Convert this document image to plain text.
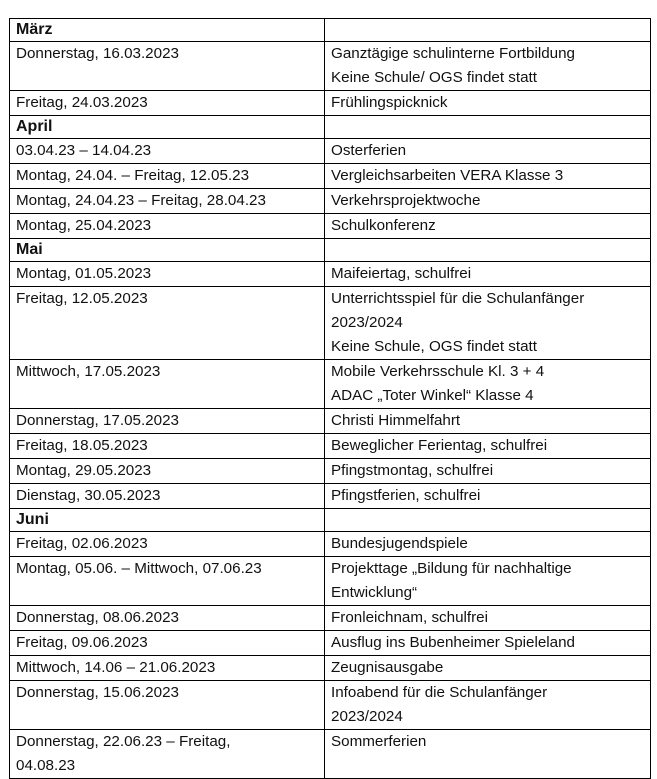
März	
Donnerstag, 16.03.2023	Ganztägige schulinterne Fortbildung
Keine Schule/ OGS findet statt

Freitag, 24.03.2023	Frühlingspicknick

April	
03.04.23 – 14.04.23	Osterferien

Montag, 24.04. – Freitag, 12.05.23	Vergleichsarbeiten VERA Klasse 3

Montag, 24.04.23 – Freitag, 28.04.23	Verkehrsprojektwoche

Montag, 25.04.2023	Schulkonferenz

Mai	
Montag, 01.05.2023	Maifeiertag, schulfrei

Freitag, 12.05.2023	Unterrichtsspiel für die Schulanfänger
2023/2024
Keine Schule, OGS findet statt

Mittwoch, 17.05.2023	Mobile Verkehrsschule Kl. 3 + 4
ADAC „Toter Winkel“ Klasse 4

Donnerstag, 17.05.2023	Christi Himmelfahrt

Freitag, 18.05.2023	Beweglicher Ferientag, schulfrei

Montag, 29.05.2023	Pfingstmontag, schulfrei

Dienstag, 30.05.2023	Pfingstferien, schulfrei

Juni	
Freitag, 02.06.2023	Bundesjugendspiele

Montag, 05.06. – Mittwoch, 07.06.23	Projekttage „Bildung für nachhaltige
Entwicklung“

Donnerstag, 08.06.2023	Fronleichnam, schulfrei

Freitag, 09.06.2023	Ausflug ins Bubenheimer Spieleland

Mittwoch, 14.06 – 21.06.2023	Zeugnisausgabe

Donnerstag, 15.06.2023	Infoabend für die Schulanfänger
2023/2024

Donnerstag, 22.06.23 – Freitag,
04.08.23	Sommerferien
